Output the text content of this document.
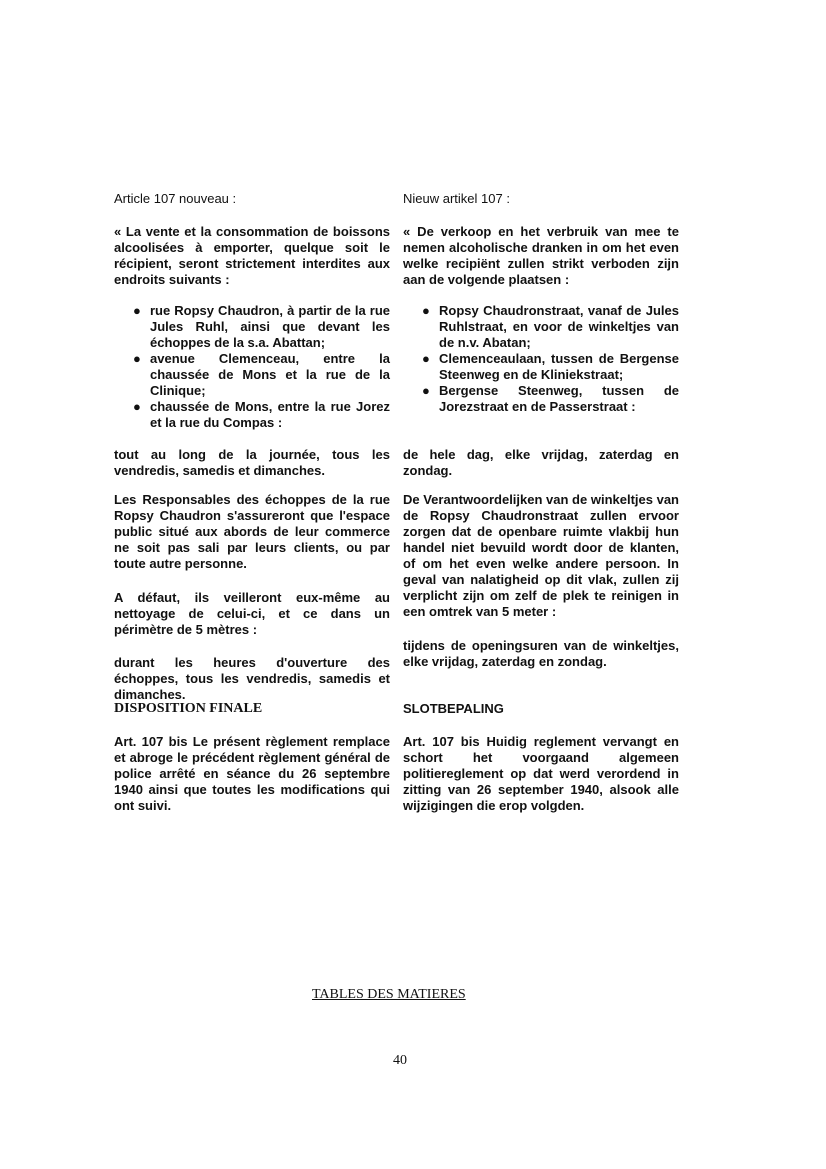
Article 107 nouveau :
« La vente et la consommation de boissons alcoolisées à emporter, quelque soit le récipient, seront strictement interdites aux endroits suivants :
● rue Ropsy Chaudron, à partir de la rue Jules Ruhl, ainsi que devant les échoppes de la s.a. Abattan;
● avenue Clemenceau, entre la chaussée de Mons et la rue de la Clinique;
● chaussée de Mons, entre la rue Jorez et la rue du Compas :
tout au long de la journée, tous les vendredis, samedis et dimanches.
Les Responsables des échoppes de la rue Ropsy Chaudron s'assureront que l'espace public situé aux abords de leur commerce ne soit pas sali par leurs clients, ou par toute autre personne.
A défaut, ils veilleront eux-même au nettoyage de celui-ci, et ce dans un périmètre de 5 mètres :
durant les heures d'ouverture des échoppes, tous les vendredis, samedis et dimanches.
DISPOSITION FINALE
Art. 107 bis Le présent règlement remplace et abroge le précédent règlement général de police arrêté en séance du 26 septembre 1940 ainsi que toutes les modifications qui ont suivi.
Nieuw artikel 107 :
« De verkoop en het verbruik van mee te nemen alcoholische dranken in om het even welke recipiënt zullen strikt verboden zijn aan de volgende plaatsen :
● Ropsy Chaudronstraat, vanaf de Jules Ruhlstraat, en voor de winkeltjes van de n.v. Abatan;
● Clemenceaulaan, tussen de Bergense Steenweg en de Kliniekstraat;
● Bergense Steenweg, tussen de Jorezstraat en de Passerstraat :
de hele dag, elke vrijdag, zaterdag en zondag.
De Verantwoordelijken van de winkeltjes van de Ropsy Chaudronstraat zullen ervoor zorgen dat de openbare ruimte vlakbij hun handel niet bevuild wordt door de klanten, of om het even welke andere persoon. In geval van nalatigheid op dit vlak, zullen zij verplicht zijn om zelf de plek te reinigen in een omtrek van 5 meter :
tijdens de openingsuren van de winkeltjes, elke vrijdag, zaterdag en zondag.
SLOTBEPALING
Art. 107 bis Huidig reglement vervangt en schort het voorgaand algemeen politiereglement op dat werd verordend in zitting van 26 september 1940, alsook alle wijzigingen die erop volgden.
TABLES DES MATIERES
40
